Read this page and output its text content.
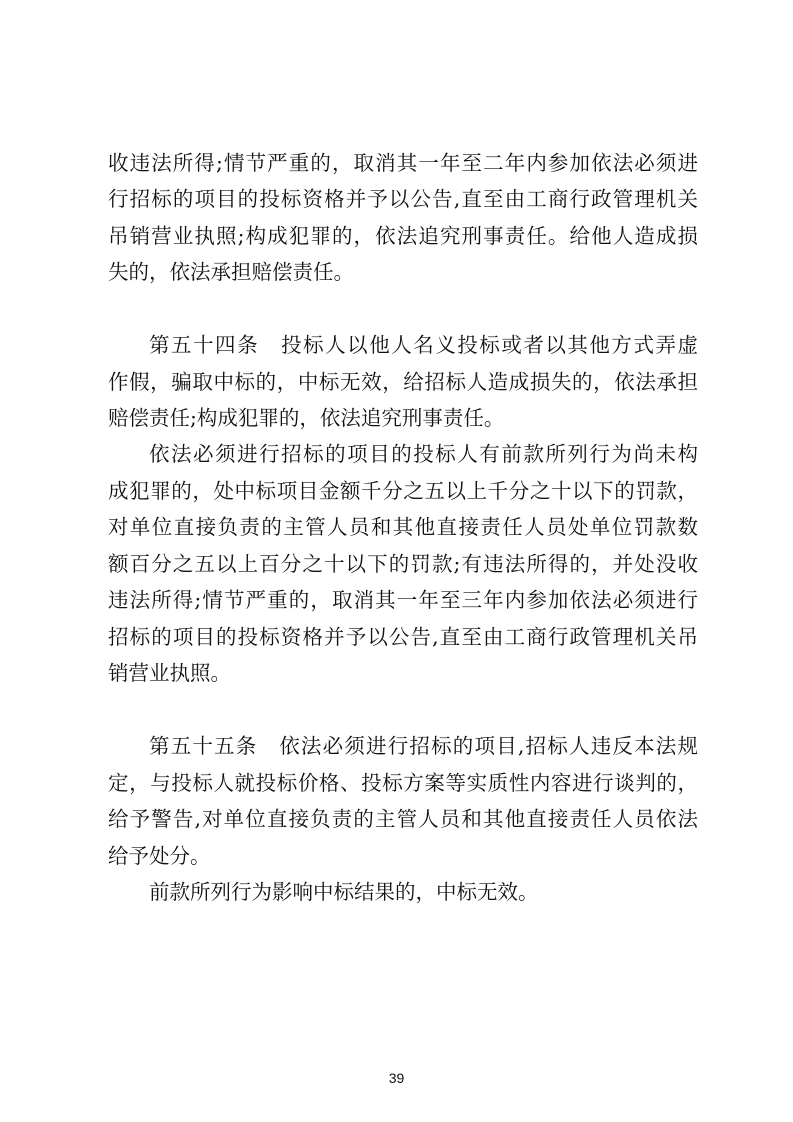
收违法所得;情节严重的，取消其一年至二年内参加依法必须进
行招标的项目的投标资格并予以公告,直至由工商行政管理机关
吊销营业执照;构成犯罪的，依法追究刑事责任。给他人造成损
失的，依法承担赔偿责任。
第五十四条　投标人以他人名义投标或者以其他方式弄虚
作假，骗取中标的，中标无效，给招标人造成损失的，依法承担
赔偿责任;构成犯罪的，依法追究刑事责任。
依法必须进行招标的项目的投标人有前款所列行为尚未构
成犯罪的，处中标项目金额千分之五以上千分之十以下的罚款，
对单位直接负责的主管人员和其他直接责任人员处单位罚款数
额百分之五以上百分之十以下的罚款;有违法所得的，并处没收
违法所得;情节严重的，取消其一年至三年内参加依法必须进行
招标的项目的投标资格并予以公告,直至由工商行政管理机关吊
销营业执照。
第五十五条　依法必须进行招标的项目,招标人违反本法规
定，与投标人就投标价格、投标方案等实质性内容进行谈判的，
给予警告,对单位直接负责的主管人员和其他直接责任人员依法
给予处分。
前款所列行为影响中标结果的，中标无效。
39
